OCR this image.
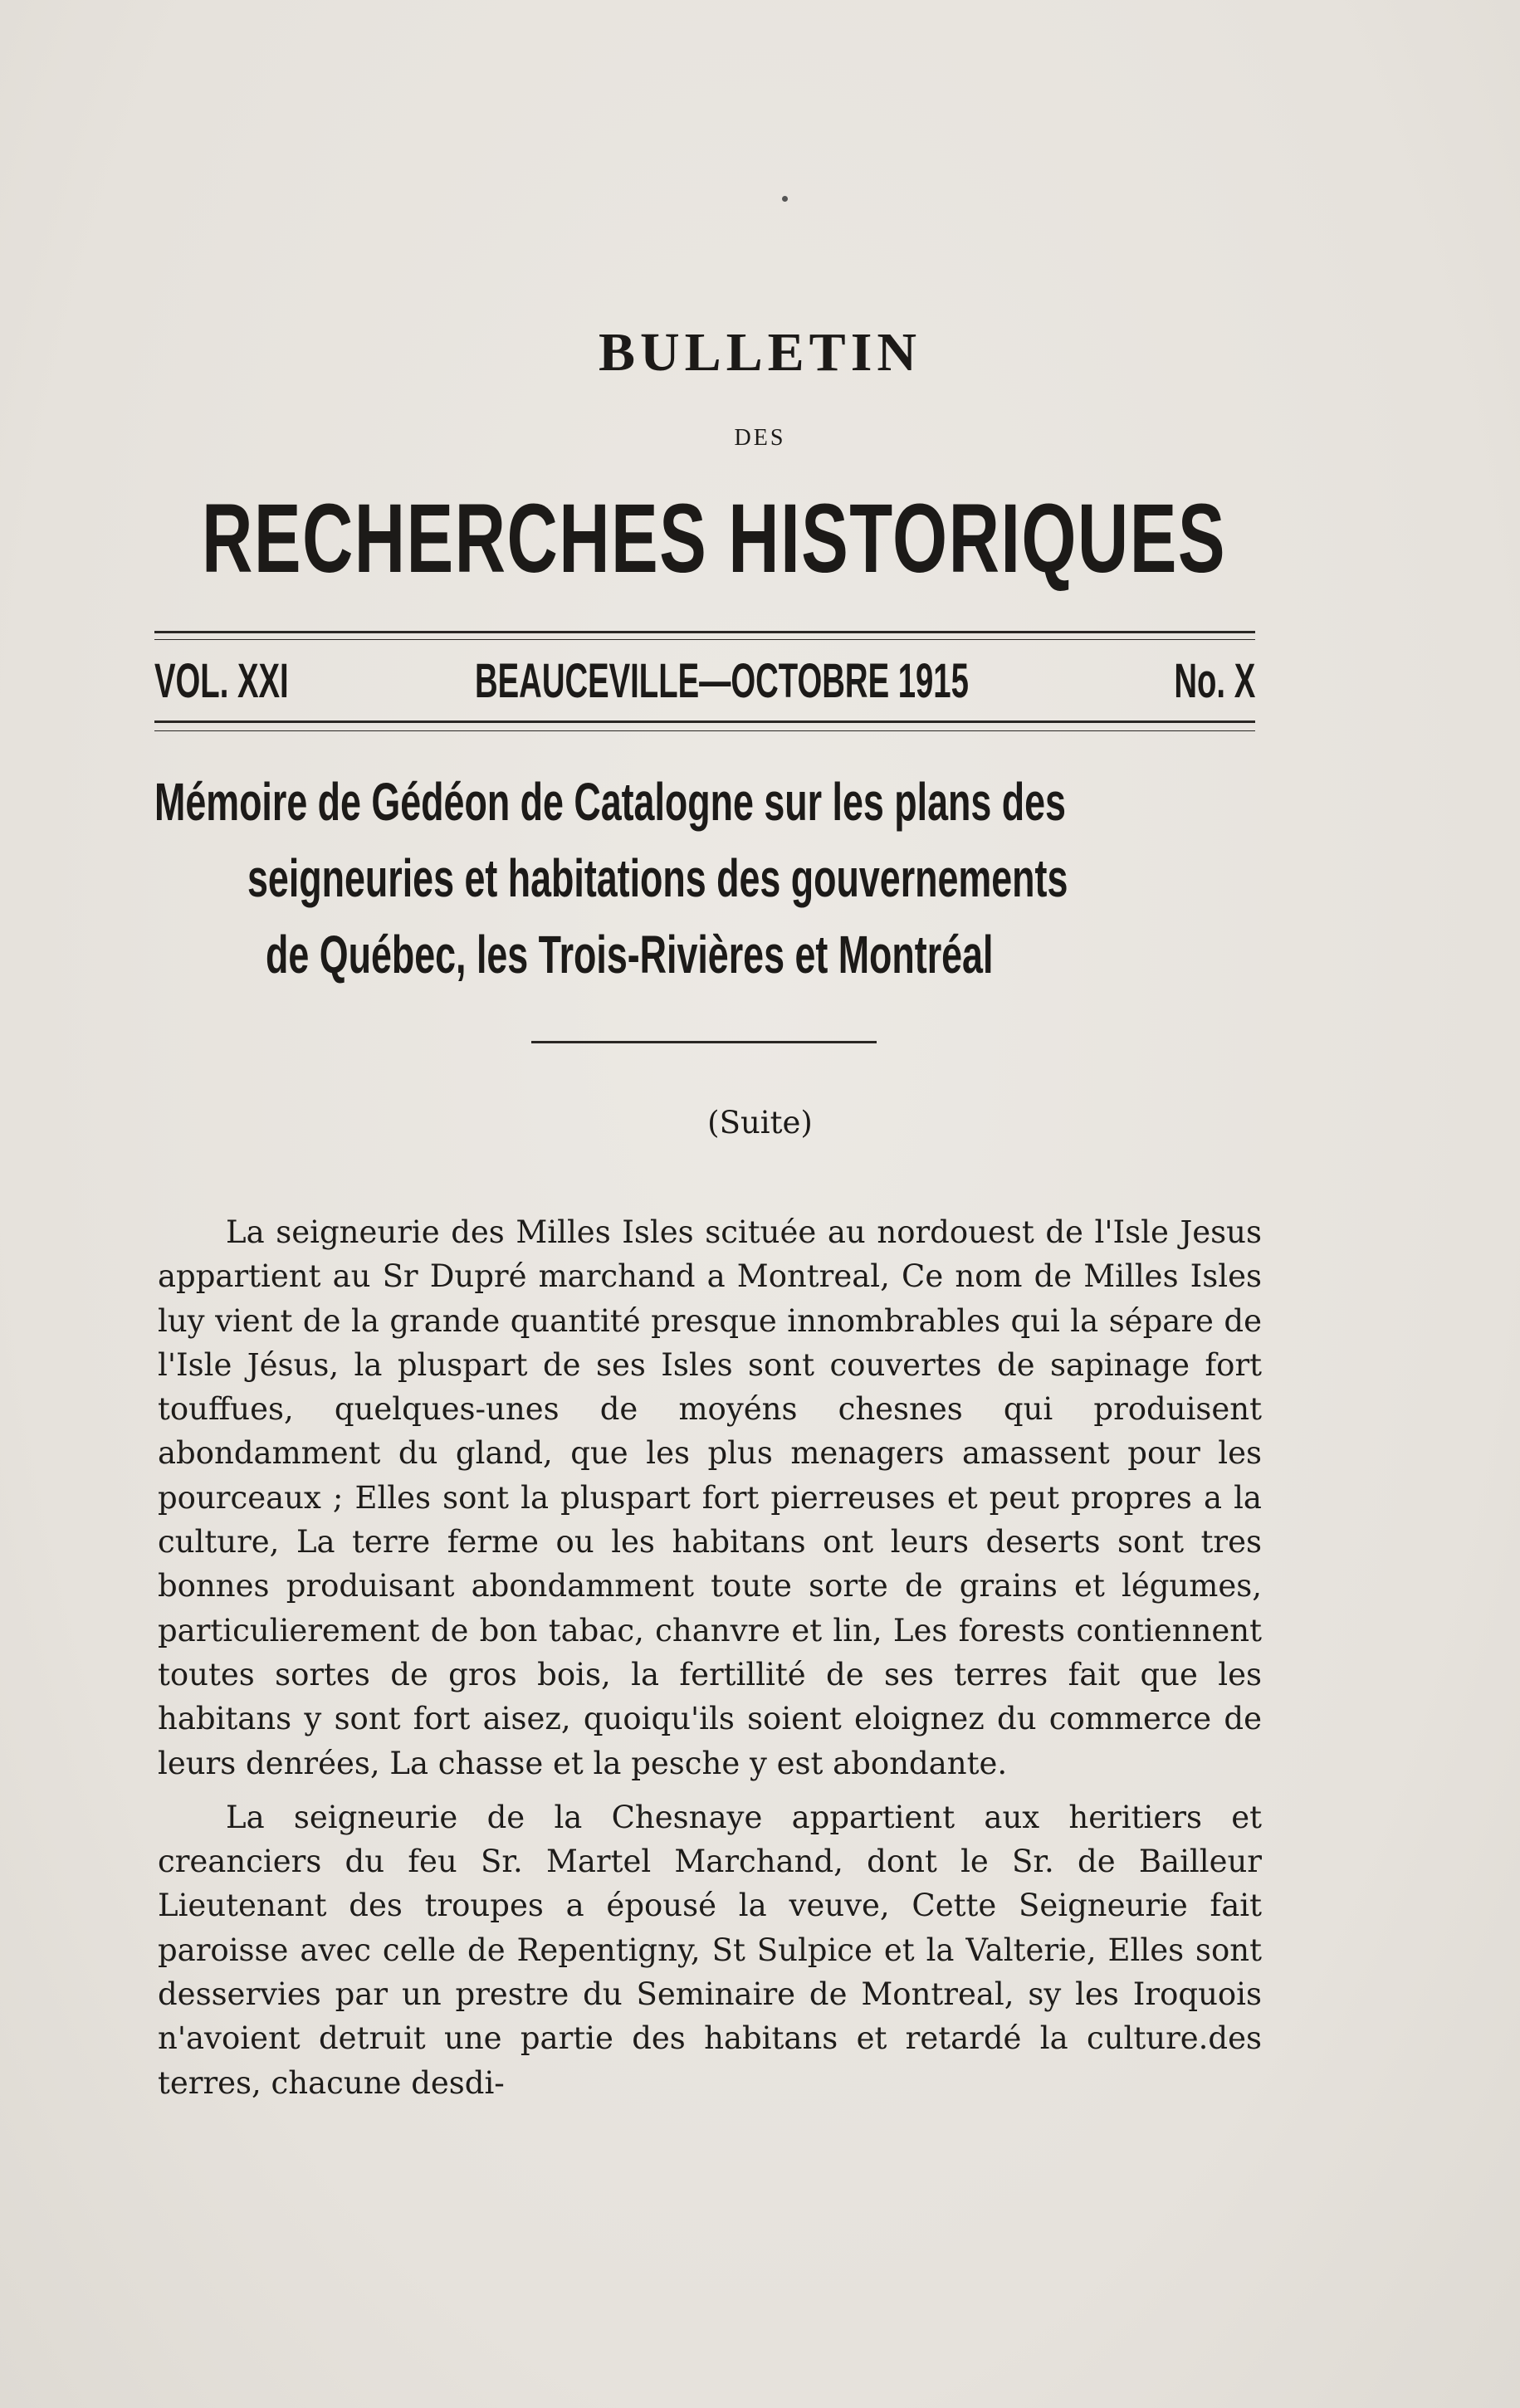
BULLETIN
DES
RECHERCHES HISTORIQUES
VOL. XXI	BEAUCEVILLE—OCTOBRE 1915	No. X
Mémoire de Gédéon de Catalogne sur les plans des
seigneuries et habitations des gouvernements
de Québec, les Trois-Rivières et Montréal
(Suite)

La seigneurie des Milles Isles scituée au nordouest de l'Isle Jesus appartient au Sr Dupré marchand a Montreal, Ce nom de Milles Isles luy vient de la grande quantité presque innombrables qui la sépare de l'Isle Jésus, la pluspart de ses Isles sont couvertes de sapinage fort touffues, quelques-unes de moyéns chesnes qui produisent abondamment du gland, que les plus menagers amassent pour les pourceaux ; Elles sont la pluspart fort pierreuses et peut propres a la culture, La terre ferme ou les habitans ont leurs deserts sont tres bonnes produisant abondamment toute sorte de grains et légumes, particulierement de bon tabac, chanvre et lin, Les forests contiennent toutes sortes de gros bois, la fertillité de ses terres fait que les habitans y sont fort aisez, quoiqu'ils soient eloignez du commerce de leurs denrées, La chasse et la pesche y est abondante.

La seigneurie de la Chesnaye appartient aux heritiers et creanciers du feu Sr. Martel Marchand, dont le Sr. de Bailleur Lieutenant des troupes a épousé la veuve, Cette Seigneurie fait paroisse avec celle de Repentigny, St Sulpice et la Valterie, Elles sont desservies par un prestre du Seminaire de Montreal, sy les Iroquois n'avoient detruit une partie des habitans et retardé la culture.des terres, chacune desdi-
